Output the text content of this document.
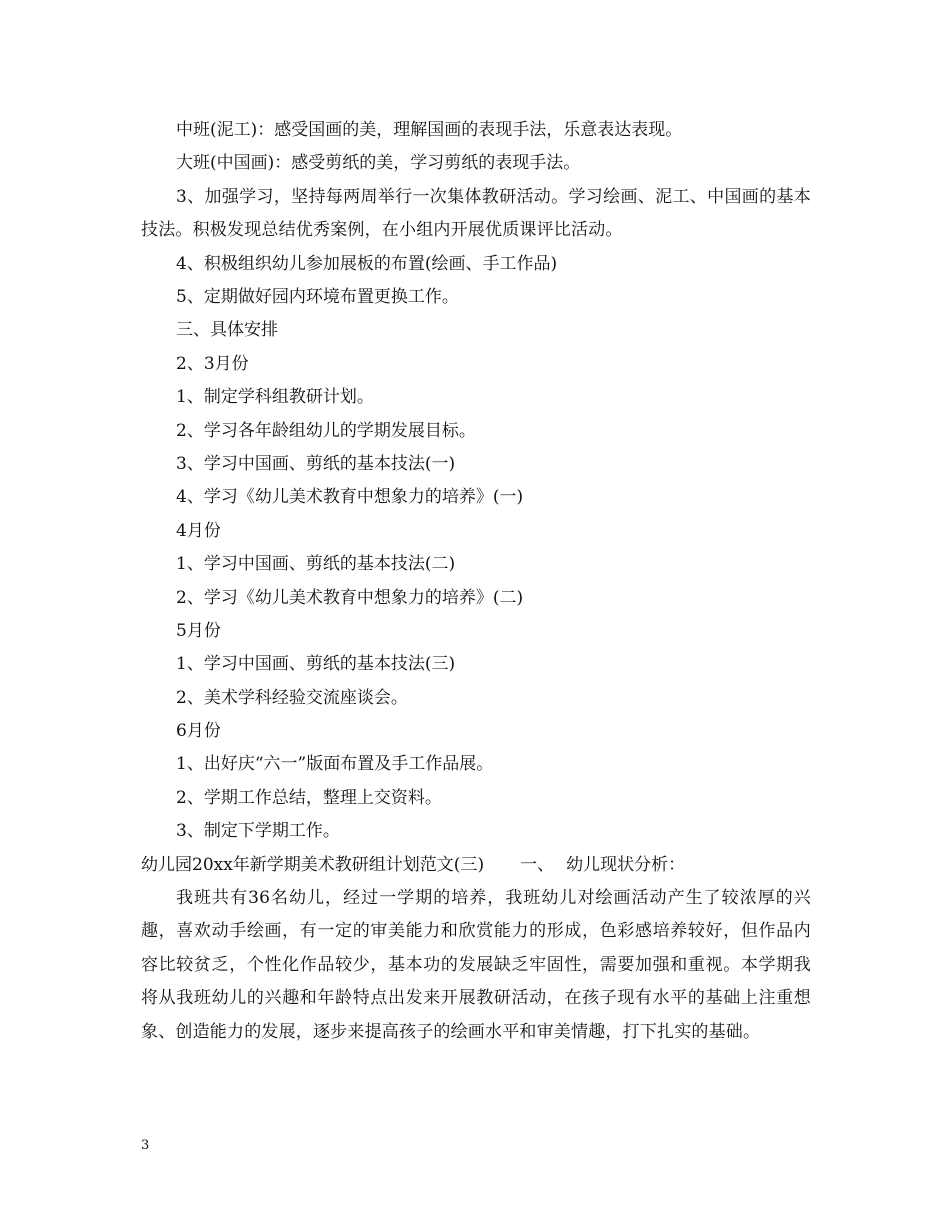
中班(泥工)：感受国画的美，理解国画的表现手法，乐意表达表现。
大班(中国画)：感受剪纸的美，学习剪纸的表现手法。
3、加强学习，坚持每两周举行一次集体教研活动。学习绘画、泥工、中国画的基本技法。积极发现总结优秀案例，在小组内开展优质课评比活动。
4、积极组织幼儿参加展板的布置(绘画、手工作品)
5、定期做好园内环境布置更换工作。
三、具体安排
2、3月份
1、制定学科组教研计划。
2、学习各年龄组幼儿的学期发展目标。
3、学习中国画、剪纸的基本技法(一)
4、学习《幼儿美术教育中想象力的培养》(一)
4月份
1、学习中国画、剪纸的基本技法(二)
2、学习《幼儿美术教育中想象力的培养》(二)
5月份
1、学习中国画、剪纸的基本技法(三)
2、美术学科经验交流座谈会。
6月份
1、出好庆“六一”版面布置及手工作品展。
2、学期工作总结，整理上交资料。
3、制定下学期工作。
幼儿园20xx年新学期美术教研组计划范文(三) 一、 幼儿现状分析：
我班共有36名幼儿，经过一学期的培养，我班幼儿对绘画活动产生了较浓厚的兴趣，喜欢动手绘画，有一定的审美能力和欣赏能力的形成，色彩感培养较好，但作品内容比较贫乏，个性化作品较少，基本功的发展缺乏牢固性，需要加强和重视。本学期我将从我班幼儿的兴趣和年龄特点出发来开展教研活动，在孩子现有水平的基础上注重想象、创造能力的发展，逐步来提高孩子的绘画水平和审美情趣，打下扎实的基础。
3
